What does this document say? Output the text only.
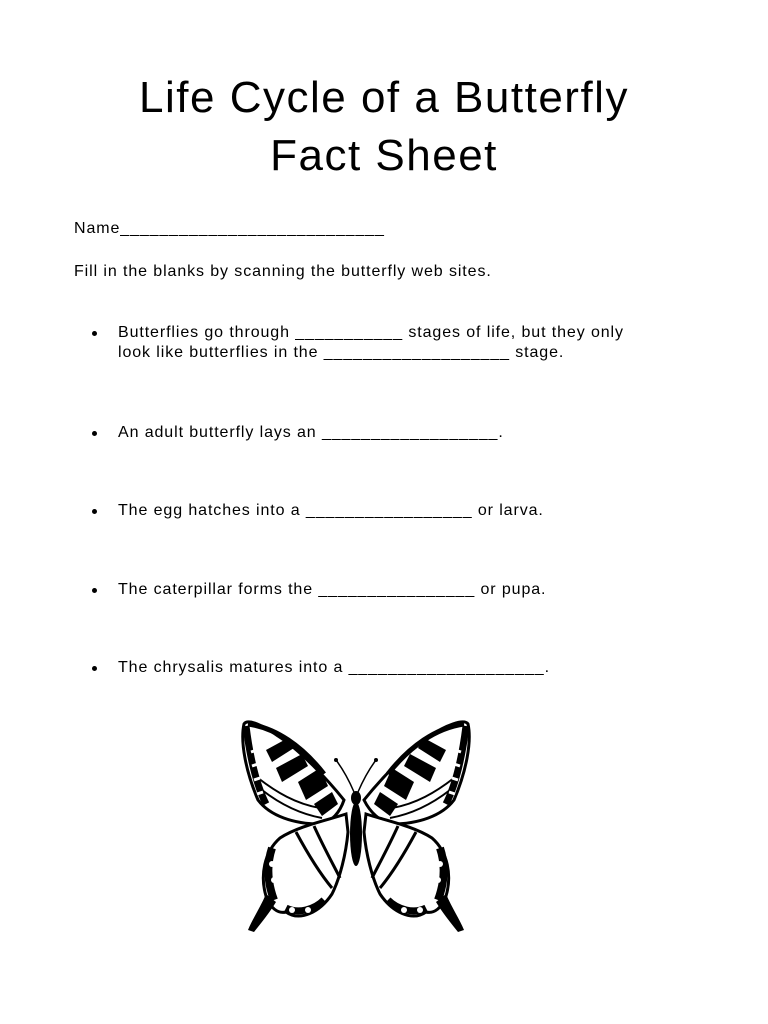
Life Cycle of a Butterfly
Fact Sheet
Name___________________________
Fill in the blanks by scanning the butterfly web sites.
Butterflies go through ___________ stages of life, but they only
look like butterflies in the ___________________ stage.
An adult butterfly lays an __________________.
The egg hatches into a _________________ or larva.
The caterpillar forms the ________________ or pupa.
The chrysalis matures into a ____________________.
